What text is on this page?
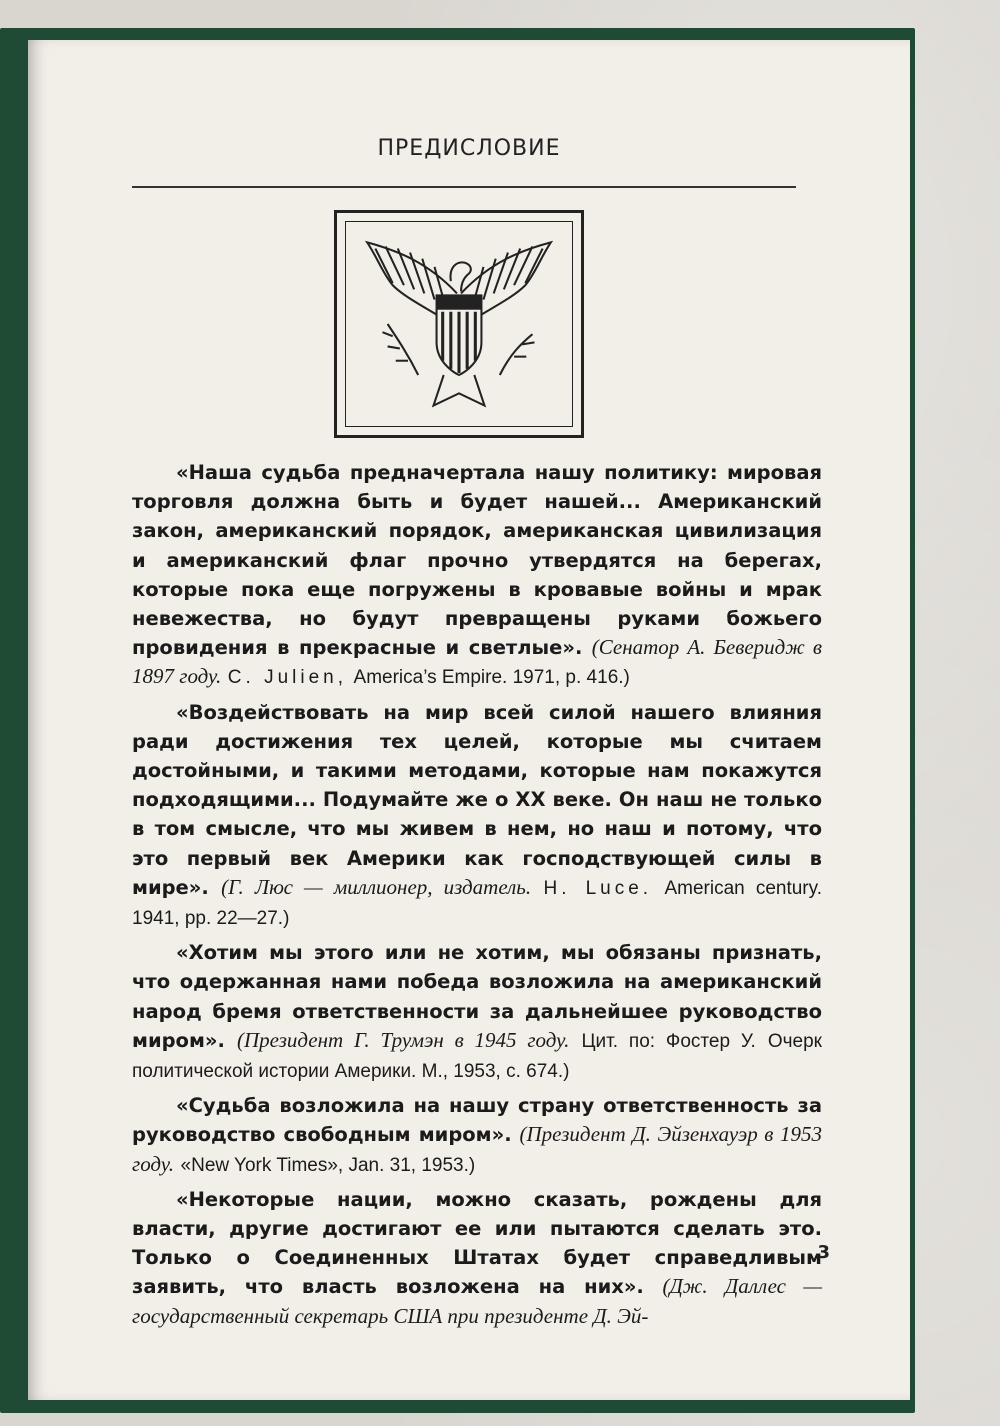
ПРЕДИСЛОВИЕ

«Наша судьба предначертала нашу политику: мировая торговля должна быть и будет нашей... Американский закон, американский порядок, американская цивилизация и американский флаг прочно утвердятся на берегах, которые пока еще погружены в кровавые войны и мрак невежества, но будут превращены руками божьего провидения в прекрасные и светлые». (Сенатор А. Беверидж в 1897 году. C. Julien, America’s Empire. 1971, p. 416.)

«Воздействовать на мир всей силой нашего влияния ради достижения тех целей, которые мы считаем достойными, и такими методами, которые нам покажутся подходящими... Подумайте же о XX веке. Он наш не только в том смысле, что мы живем в нем, но наш и потому, что это первый век Америки как господствующей силы в мире». (Г. Люс — миллионер, издатель. H. Luce. American century. 1941, pp. 22—27.)

«Хотим мы этого или не хотим, мы обязаны признать, что одержанная нами победа возложила на американский народ бремя ответственности за дальнейшее руководство миром». (Президент Г. Трумэн в 1945 году. Цит. по: Фостер У. Очерк политической истории Америки. М., 1953, с. 674.)

«Судьба возложила на нашу страну ответственность за руководство свободным миром». (Президент Д. Эйзенхауэр в 1953 году. «New York Times», Jan. 31, 1953.)

«Некоторые нации, можно сказать, рождены для власти, другие достигают ее или пытаются сделать это. Только о Соединенных Штатах будет справедливым заявить, что власть возложена на них». (Дж. Даллес — государственный секретарь США при президенте Д. Эй-

3
